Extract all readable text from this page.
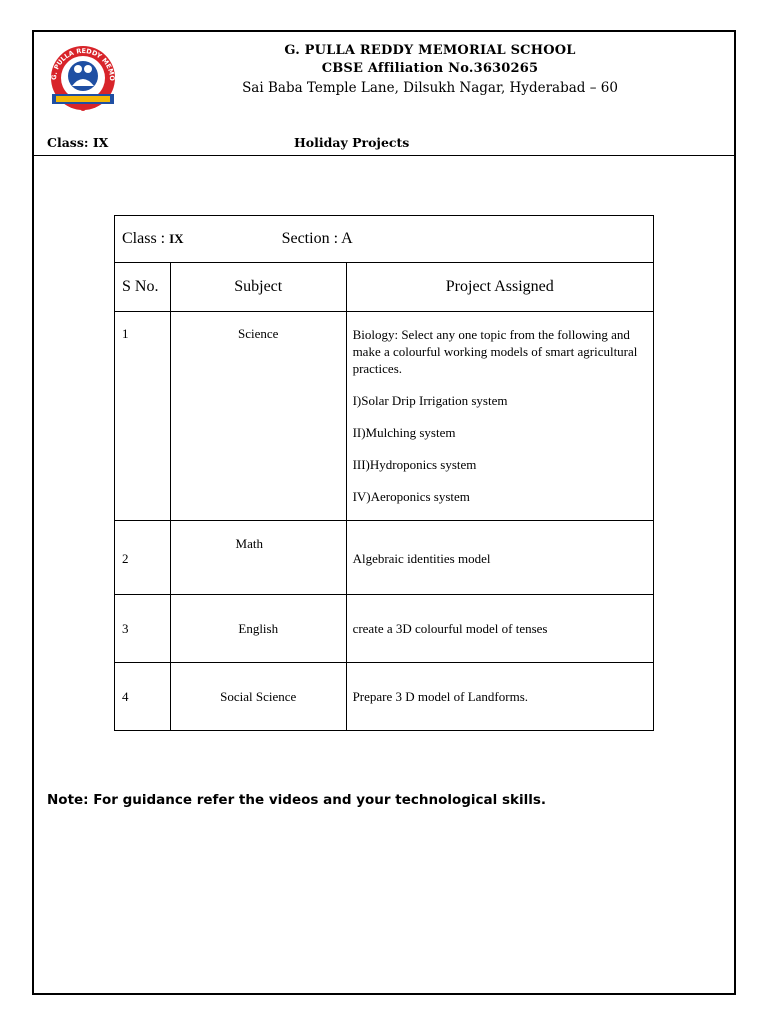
G. PULLA REDDY MEMO
G. PULLA REDDY MEMORIAL SCHOOL
CBSE Affiliation No.3630265
Sai Baba Temple Lane, Dilsukh Nagar, Hyderabad – 60
Class: IX	Holiday Projects
Class : IX Section : A		
S No.	Subject	Project Assigned
1	Science	Biology: Select any one topic from the following and make a colourful working models of smart agricultural practices.

I)Solar Drip Irrigation system

II)Mulching system

III)Hydroponics system

IV)Aeroponics system

2	Math	Algebraic identities model
3	English	create a 3D colourful model of tenses
4	Social Science	Prepare 3 D model of Landforms.
Note: For guidance refer the videos and your technological skills.
